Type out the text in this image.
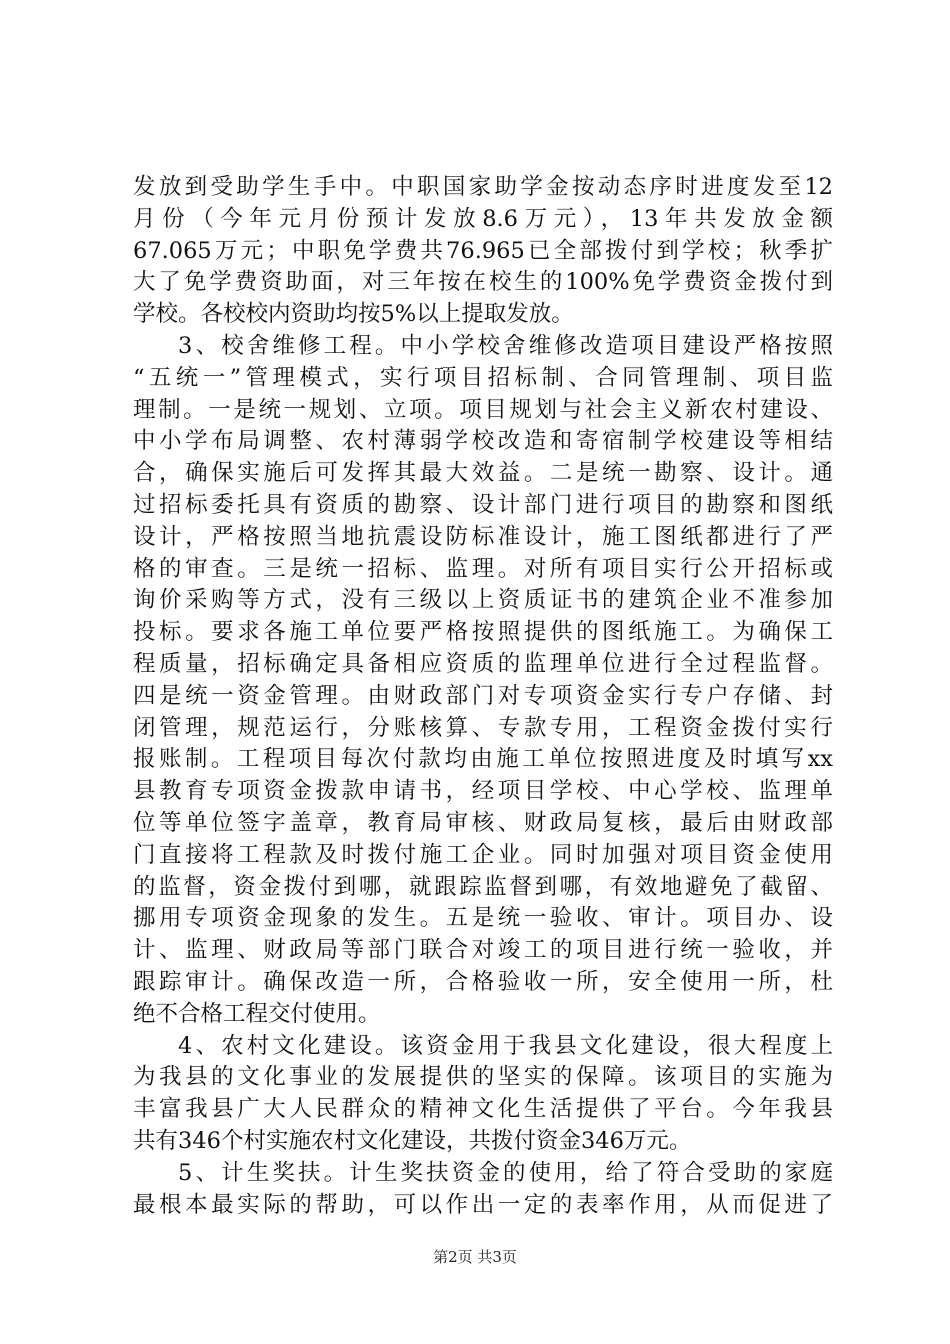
发放到受助学生手中。中职国家助学金按动态序时进度发至12
月份（今年元月份预计发放8.6万元），13年共发放金额
67.065万元；中职免学费共76.965已全部拨付到学校；秋季扩
大了免学费资助面，对三年按在校生的100%免学费资金拨付到
学校。各校校内资助均按5%以上提取发放。
3、校舍维修工程。中小学校舍维修改造项目建设严格按照
“五统一”管理模式，实行项目招标制、合同管理制、项目监
理制。一是统一规划、立项。项目规划与社会主义新农村建设、
中小学布局调整、农村薄弱学校改造和寄宿制学校建设等相结
合，确保实施后可发挥其最大效益。二是统一勘察、设计。通
过招标委托具有资质的勘察、设计部门进行项目的勘察和图纸
设计，严格按照当地抗震设防标准设计，施工图纸都进行了严
格的审查。三是统一招标、监理。对所有项目实行公开招标或
询价采购等方式，没有三级以上资质证书的建筑企业不准参加
投标。要求各施工单位要严格按照提供的图纸施工。为确保工
程质量，招标确定具备相应资质的监理单位进行全过程监督。
四是统一资金管理。由财政部门对专项资金实行专户存储、封
闭管理，规范运行，分账核算、专款专用，工程资金拨付实行
报账制。工程项目每次付款均由施工单位按照进度及时填写xx
县教育专项资金拨款申请书，经项目学校、中心学校、监理单
位等单位签字盖章，教育局审核、财政局复核，最后由财政部
门直接将工程款及时拨付施工企业。同时加强对项目资金使用
的监督，资金拨付到哪，就跟踪监督到哪，有效地避免了截留、
挪用专项资金现象的发生。五是统一验收、审计。项目办、设
计、监理、财政局等部门联合对竣工的项目进行统一验收，并
跟踪审计。确保改造一所，合格验收一所，安全使用一所，杜
绝不合格工程交付使用。
4、农村文化建设。该资金用于我县文化建设，很大程度上
为我县的文化事业的发展提供的坚实的保障。该项目的实施为
丰富我县广大人民群众的精神文化生活提供了平台。今年我县
共有346个村实施农村文化建设，共拨付资金346万元。
5、计生奖扶。计生奖扶资金的使用，给了符合受助的家庭
最根本最实际的帮助，可以作出一定的表率作用，从而促进了
第2页 共3页
